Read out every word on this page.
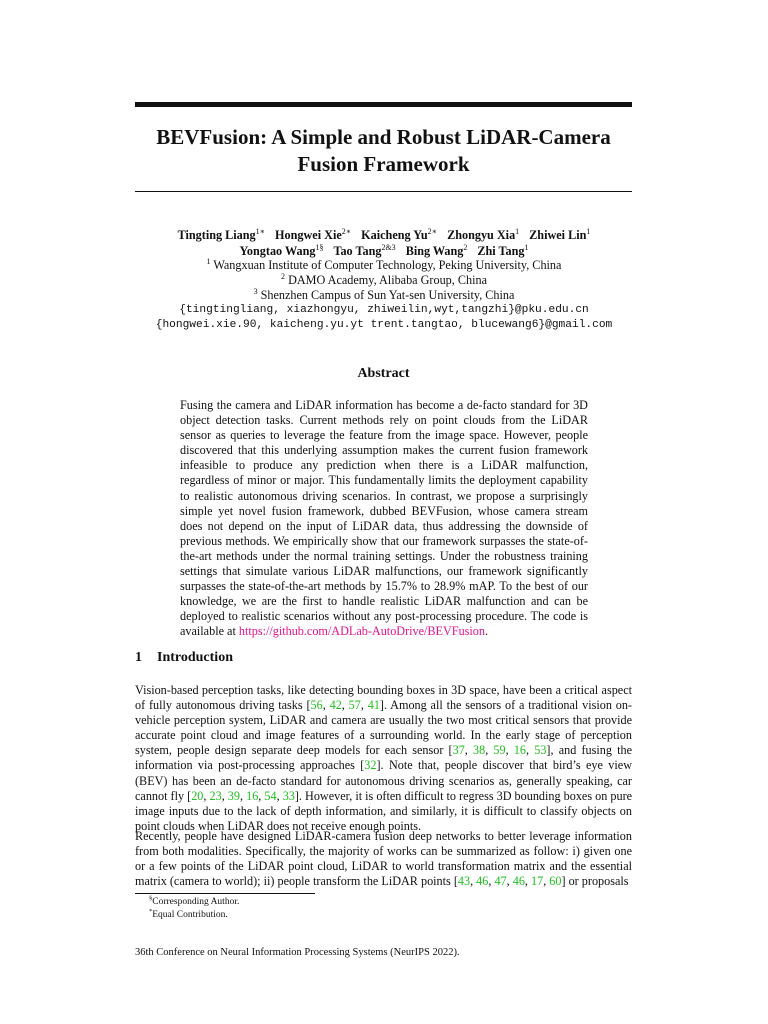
BEVFusion: A Simple and Robust LiDAR-Camera
Fusion Framework
Tingting Liang$^{1∗}$ Hongwei Xie$^{2∗}$ Kaicheng $Yu^{2∗}$ Zhongyu Xia$^1$ Zhiwei Lin$^1$
Yongtao Wang$^{1\S}$ Tao Tang$^{2\&3}$ Bing Wang$^2$ Zhi Tang$^1$
$^1$ Wangxuan Institute of Computer Technology, Peking University, China
$^2$ DAMO Academy, Alibaba Group, China
$^3$ Shenzhen Campus of Sun Yat-sen University, China
{tingtingliang, xiazhongyu, zhiweilin,wyt,tangzhi}@pku.edu.cn
{hongwei.xie.90, kaicheng.yu.yt trent.tangtao, blucewang6}@gmail.com
Abstract
Fusing the camera and LiDAR information has become a de-facto standard for 3D object detection tasks. Current methods rely on point clouds from the LiDAR sensor as queries to leverage the feature from the image space. However, people discovered that this underlying assumption makes the current fusion framework infeasible to produce any prediction when there is a LiDAR malfunction, regardless of minor or major. This fundamentally limits the deployment capability to realistic autonomous driving scenarios. In contrast, we propose a surprisingly simple yet novel fusion framework, dubbed BEVFusion, whose camera stream does not depend on the input of LiDAR data, thus addressing the downside of previous methods. We empirically show that our framework surpasses the state-of-the-art methods under the normal training settings. Under the robustness training settings that simulate various LiDAR malfunctions, our framework significantly surpasses the state-of-the-art methods by 15.7% to 28.9% mAP. To the best of our knowledge, we are the first to handle realistic LiDAR malfunction and can be deployed to realistic scenarios without any post-processing procedure. The code is available at https://github.com/ADLab-AutoDrive/BEVFusion.
1 Introduction
Vision-based perception tasks, like detecting bounding boxes in 3D space, have been a critical aspect of fully autonomous driving tasks [56, 42, 57, 41]. Among all the sensors of a traditional vision on-vehicle perception system, LiDAR and camera are usually the two most critical sensors that provide accurate point cloud and image features of a surrounding world. In the early stage of perception system, people design separate deep models for each sensor [37, 38, 59, 16, 53], and fusing the information via post-processing approaches [32]. Note that, people discover that bird’s eye view (BEV) has been an de-facto standard for autonomous driving scenarios as, generally speaking, car cannot fly [20, 23, 39, 16, 54, 33]. However, it is often difficult to regress 3D bounding boxes on pure image inputs due to the lack of depth information, and similarly, it is difficult to classify objects on point clouds when LiDAR does not receive enough points.
Recently, people have designed LiDAR-camera fusion deep networks to better leverage information from both modalities. Specifically, the majority of works can be summarized as follow: i) given one or a few points of the LiDAR point cloud, LiDAR to world transformation matrix and the essential matrix (camera to world); ii) people transform the LiDAR points [43, 46, 47, 46, 17, 60] or proposals
§Corresponding Author.
*Equal Contribution.
36th Conference on Neural Information Processing Systems (NeurIPS 2022).
